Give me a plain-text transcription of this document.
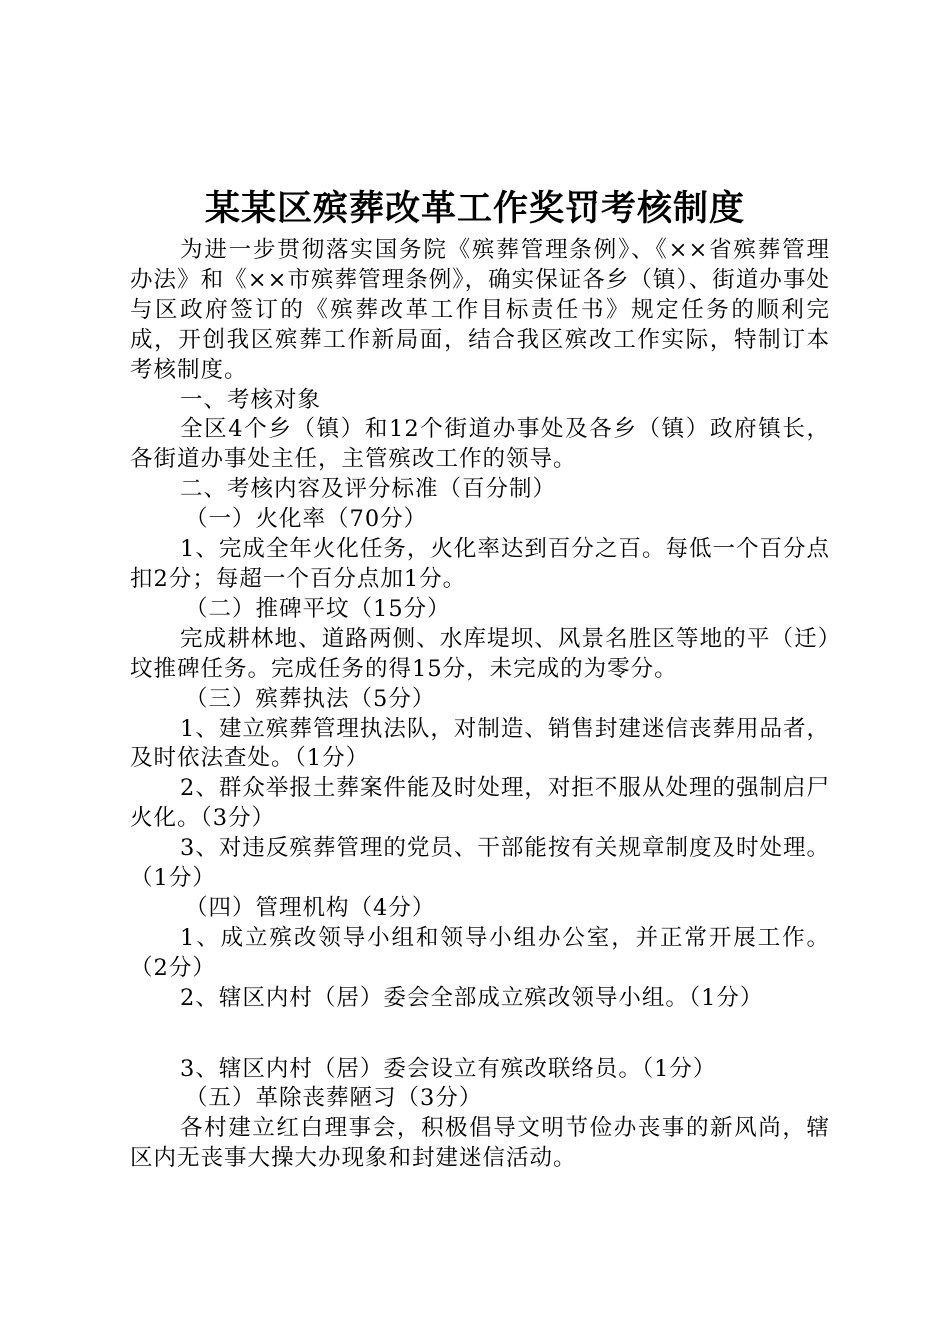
某某区殡葬改革工作奖罚考核制度

为进一步贯彻落实国务院《殡葬管理条例》、《××省殡葬管理办法》和《××市殡葬管理条例》，确实保证各乡（镇）、街道办事处与区政府签订的《殡葬改革工作目标责任书》规定任务的顺利完成，开创我区殡葬工作新局面，结合我区殡改工作实际，特制订本考核制度。

一、考核对象

全区4个乡（镇）和12个街道办事处及各乡（镇）政府镇长，各街道办事处主任，主管殡改工作的领导。

二、考核内容及评分标准（百分制）

（一）火化率（70分）

1、完成全年火化任务，火化率达到百分之百。每低一个百分点扣2分；每超一个百分点加1分。

（二）推碑平坟（15分）

完成耕林地、道路两侧、水库堤坝、风景名胜区等地的平（迁）坟推碑任务。完成任务的得15分，未完成的为零分。

（三）殡葬执法（5分）

1、建立殡葬管理执法队，对制造、销售封建迷信丧葬用品者，及时依法查处。（1分）

2、群众举报土葬案件能及时处理，对拒不服从处理的强制启尸火化。（3分）

3、对违反殡葬管理的党员、干部能按有关规章制度及时处理。（1分）

（四）管理机构（4分）

1、成立殡改领导小组和领导小组办公室，并正常开展工作。（2分）

2、辖区内村（居）委会全部成立殡改领导小组。（1分）

3、辖区内村（居）委会设立有殡改联络员。（1分）

（五）革除丧葬陋习（3分）

各村建立红白理事会，积极倡导文明节俭办丧事的新风尚，辖区内无丧事大操大办现象和封建迷信活动。
